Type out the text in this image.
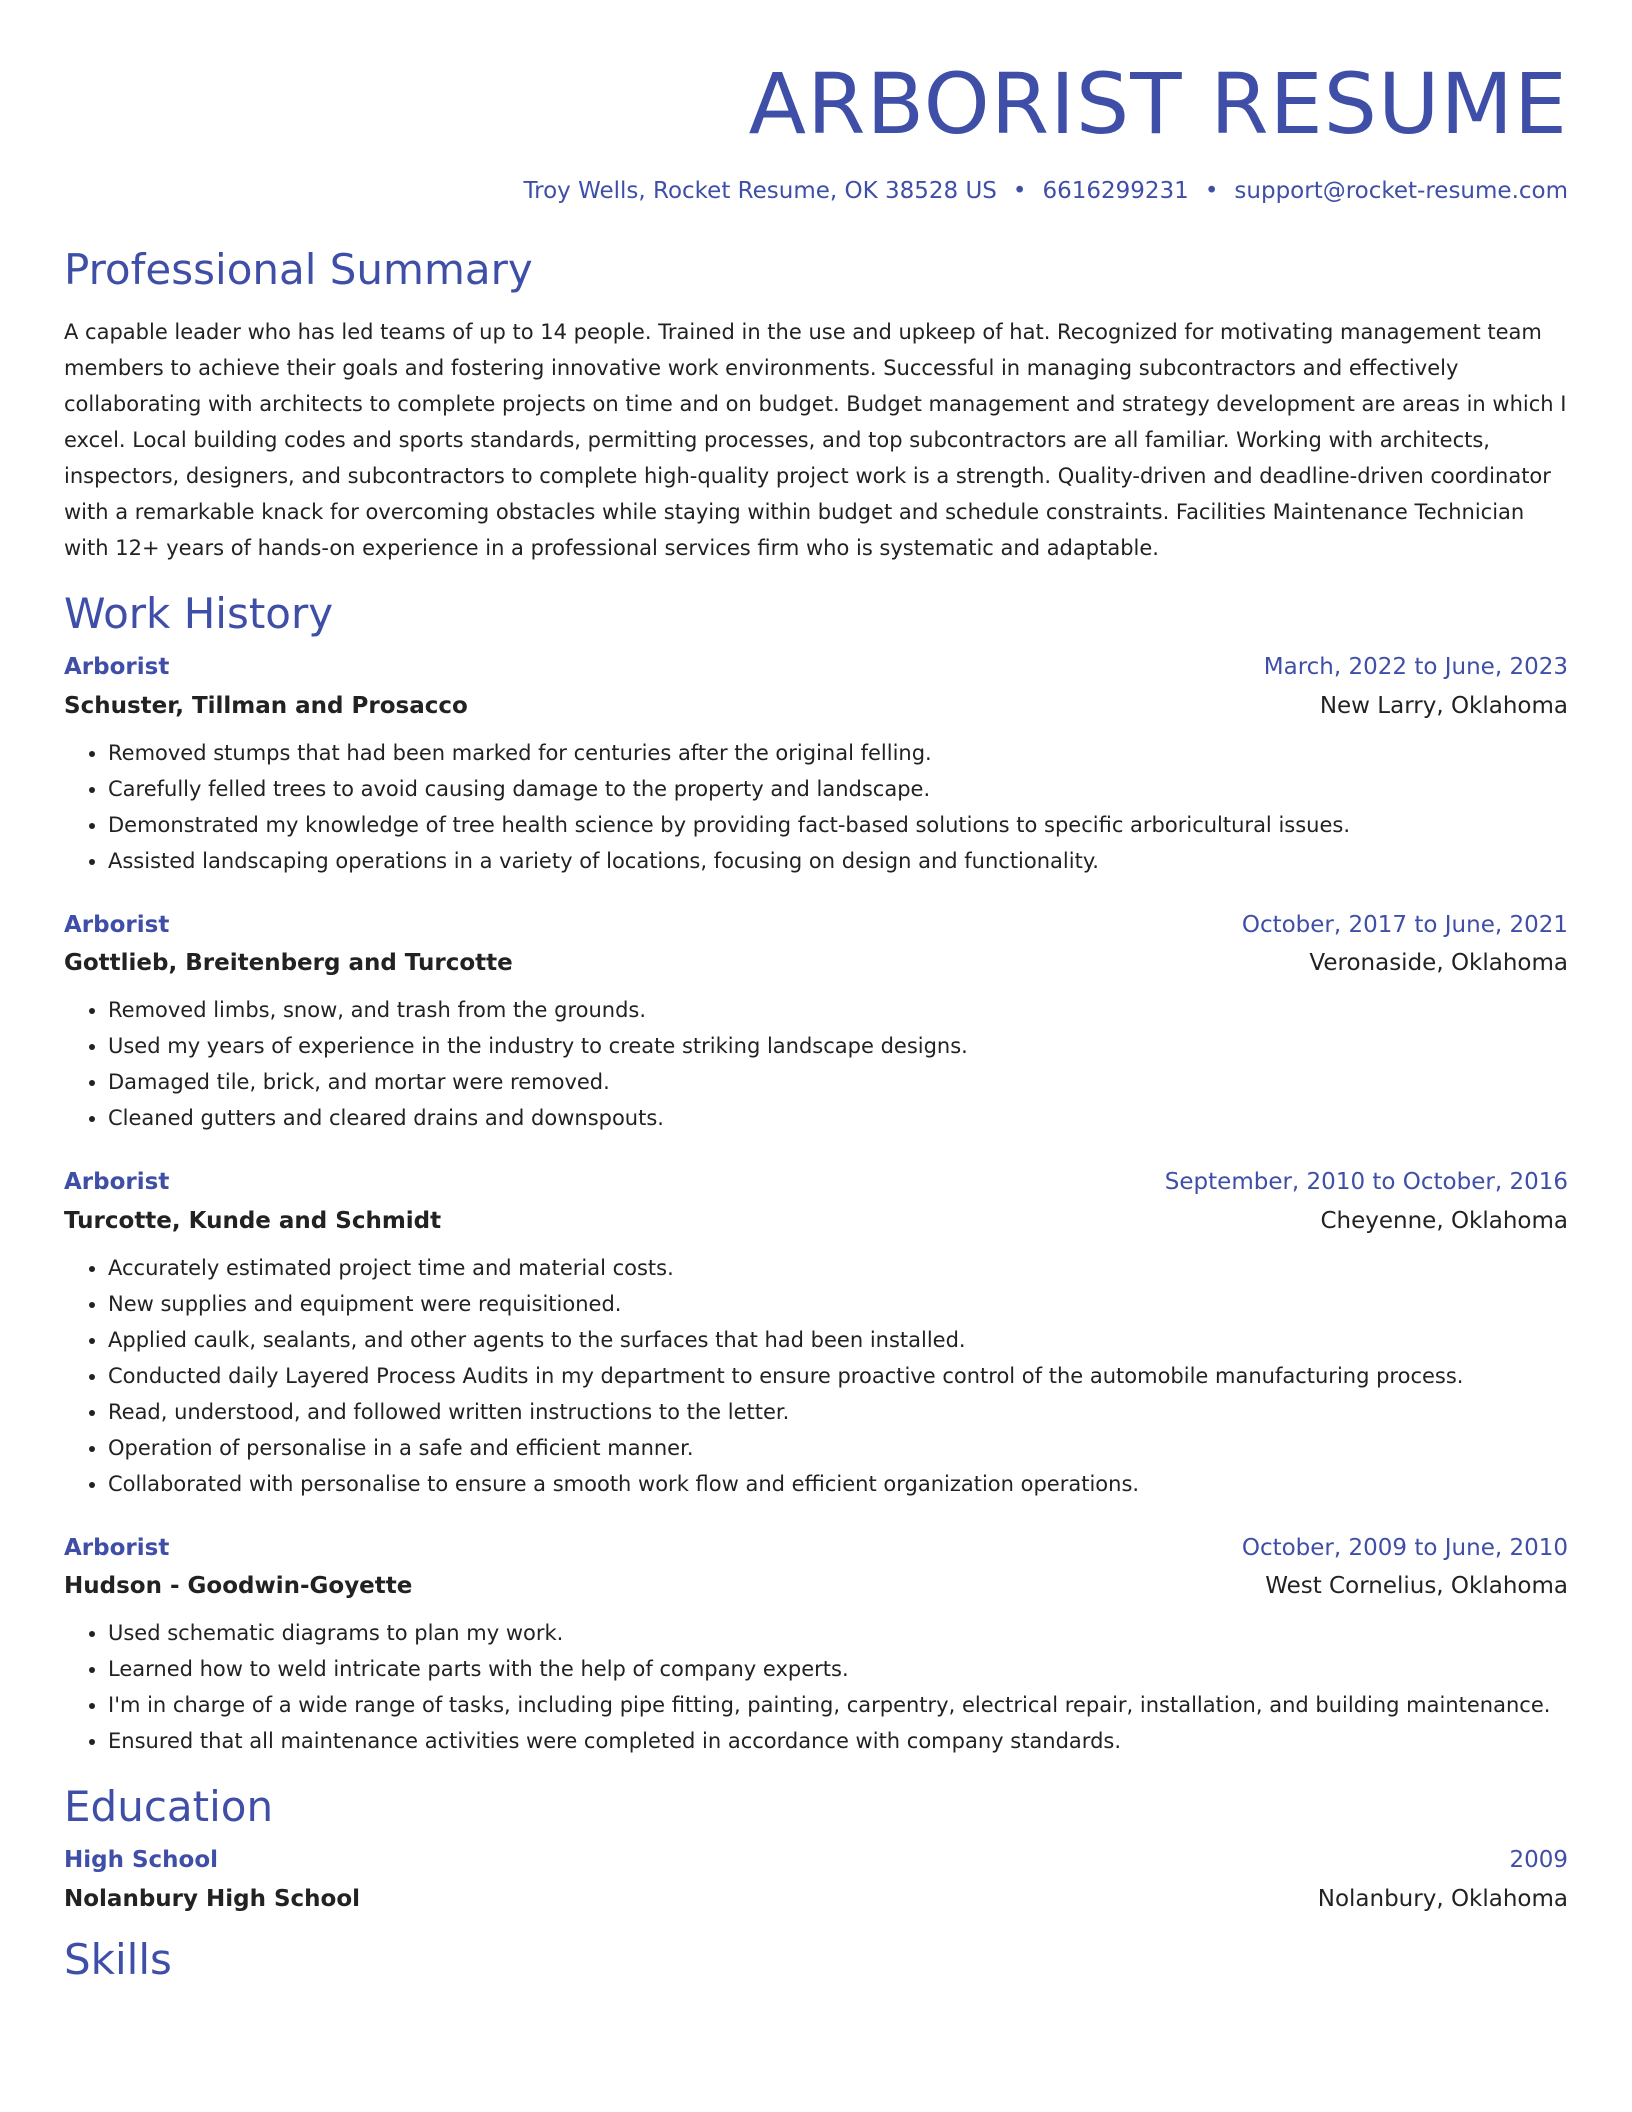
ARBORIST RESUME
Troy Wells, Rocket Resume, OK 38528 US • 6616299231 • support@rocket-resume.com
Professional Summary
A capable leader who has led teams of up to 14 people. Trained in the use and upkeep of hat. Recognized for motivating management team members to achieve their goals and fostering innovative work environments. Successful in managing subcontractors and effectively collaborating with architects to complete projects on time and on budget. Budget management and strategy development are areas in which I excel. Local building codes and sports standards, permitting processes, and top subcontractors are all familiar. Working with architects, inspectors, designers, and subcontractors to complete high-quality project work is a strength. Quality-driven and deadline-driven coordinator with a remarkable knack for overcoming obstacles while staying within budget and schedule constraints. Facilities Maintenance Technician with 12+ years of hands-on experience in a professional services firm who is systematic and adaptable.
Work History
Arborist	March, 2022 to June, 2023
Schuster, Tillman and Prosacco	New Larry, Oklahoma
• Removed stumps that had been marked for centuries after the original felling.
• Carefully felled trees to avoid causing damage to the property and landscape.
• Demonstrated my knowledge of tree health science by providing fact-based solutions to specific arboricultural issues.
• Assisted landscaping operations in a variety of locations, focusing on design and functionality.
Arborist	October, 2017 to June, 2021
Gottlieb, Breitenberg and Turcotte	Veronaside, Oklahoma
• Removed limbs, snow, and trash from the grounds.
• Used my years of experience in the industry to create striking landscape designs.
• Damaged tile, brick, and mortar were removed.
• Cleaned gutters and cleared drains and downspouts.
Arborist	September, 2010 to October, 2016
Turcotte, Kunde and Schmidt	Cheyenne, Oklahoma
• Accurately estimated project time and material costs.
• New supplies and equipment were requisitioned.
• Applied caulk, sealants, and other agents to the surfaces that had been installed.
• Conducted daily Layered Process Audits in my department to ensure proactive control of the automobile manufacturing process.
• Read, understood, and followed written instructions to the letter.
• Operation of personalise in a safe and efficient manner.
• Collaborated with personalise to ensure a smooth work flow and efficient organization operations.
Arborist	October, 2009 to June, 2010
Hudson - Goodwin-Goyette	West Cornelius, Oklahoma
• Used schematic diagrams to plan my work.
• Learned how to weld intricate parts with the help of company experts.
• I'm in charge of a wide range of tasks, including pipe fitting, painting, carpentry, electrical repair, installation, and building maintenance.
• Ensured that all maintenance activities were completed in accordance with company standards.
Education
High School	2009
Nolanbury High School	Nolanbury, Oklahoma
Skills
